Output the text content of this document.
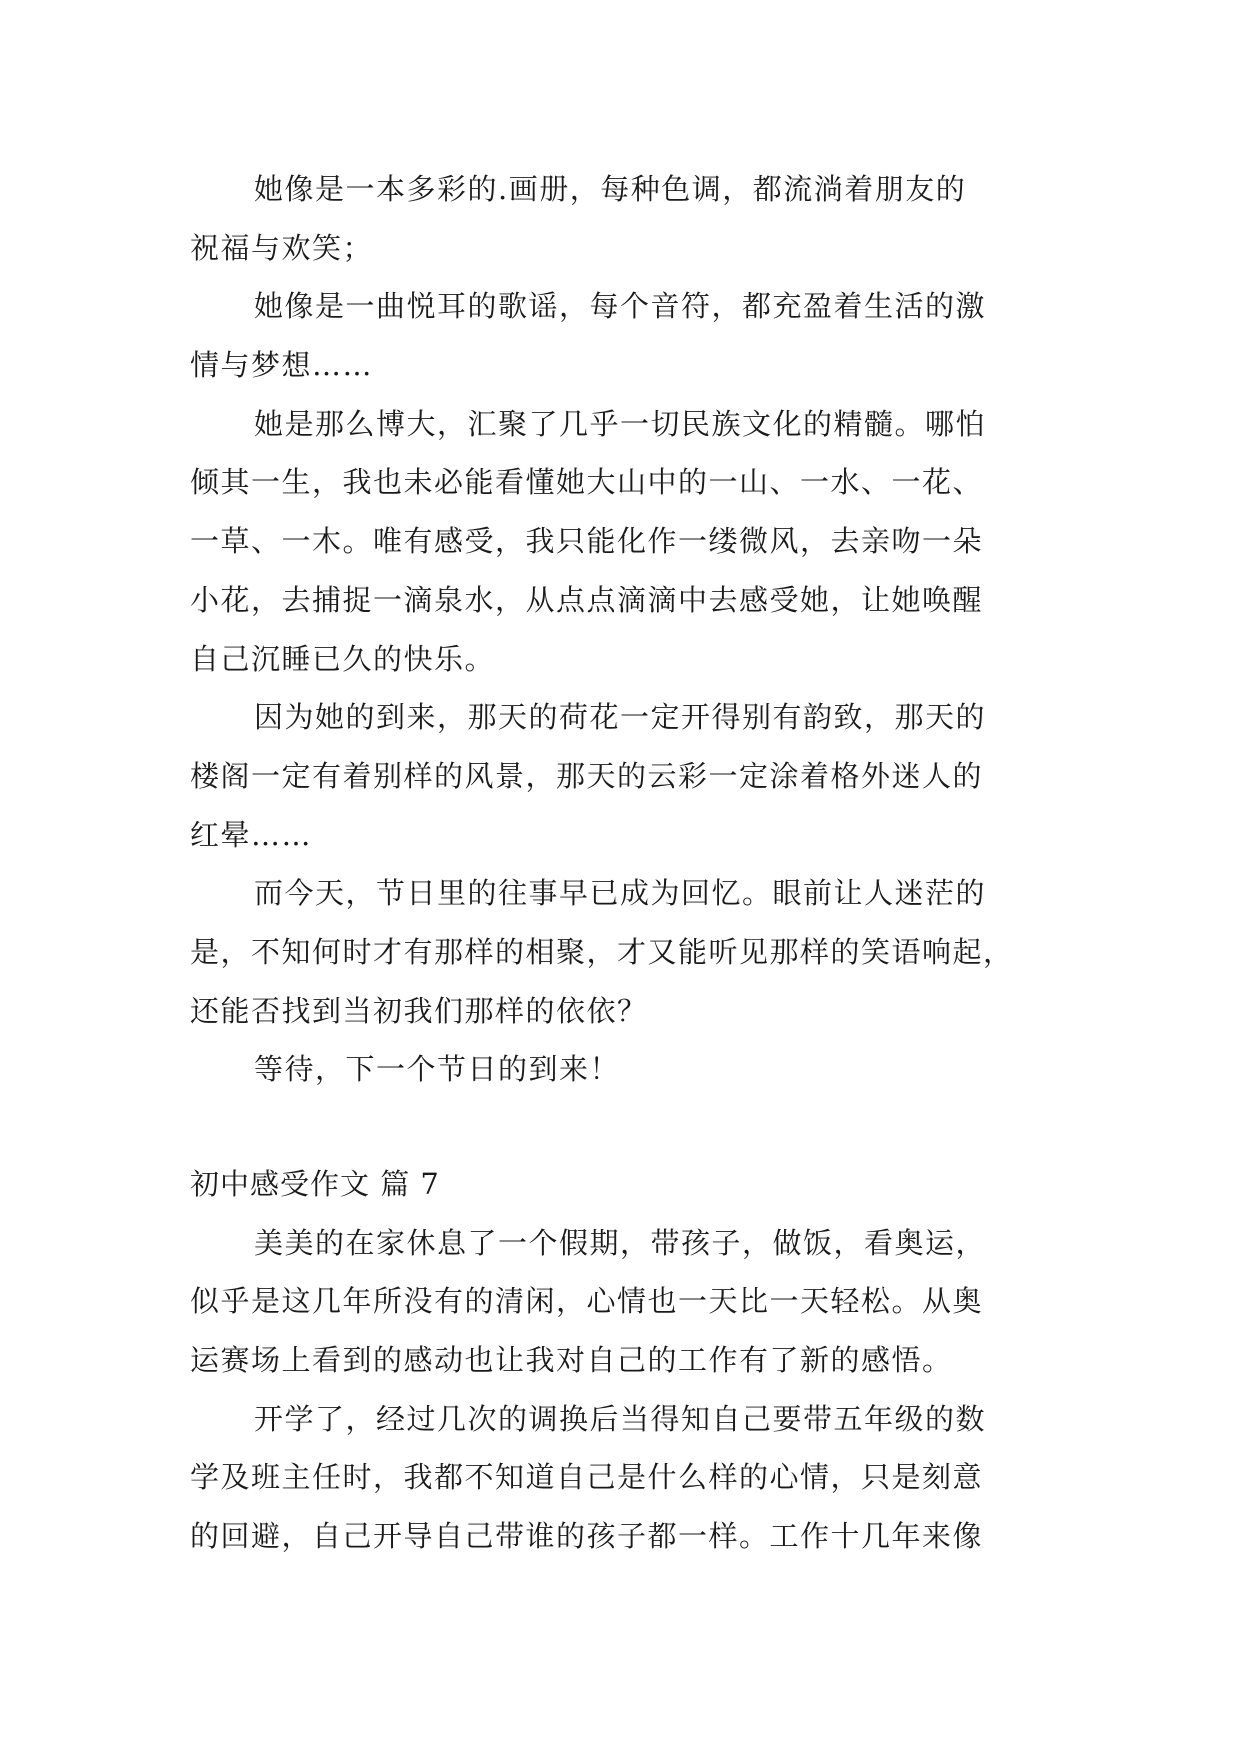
她像是一本多彩的.画册，每种色调，都流淌着朋友的
祝福与欢笑；
她像是一曲悦耳的歌谣，每个音符，都充盈着生活的激
情与梦想……
她是那么博大，汇聚了几乎一切民族文化的精髓。哪怕
倾其一生，我也未必能看懂她大山中的一山、一水、一花、
一草、一木。唯有感受，我只能化作一缕微风，去亲吻一朵
小花，去捕捉一滴泉水，从点点滴滴中去感受她，让她唤醒
自己沉睡已久的快乐。
因为她的到来，那天的荷花一定开得别有韵致，那天的
楼阁一定有着别样的风景，那天的云彩一定涂着格外迷人的
红晕……
而今天，节日里的往事早已成为回忆。眼前让人迷茫的
是，不知何时才有那样的相聚，才又能听见那样的笑语响起，
还能否找到当初我们那样的依依？
等待，下一个节日的到来！
初中感受作文 篇 7
美美的在家休息了一个假期，带孩子，做饭，看奥运，
似乎是这几年所没有的清闲，心情也一天比一天轻松。从奥
运赛场上看到的感动也让我对自己的工作有了新的感悟。
开学了，经过几次的调换后当得知自己要带五年级的数
学及班主任时，我都不知道自己是什么样的心情，只是刻意
的回避，自己开导自己带谁的孩子都一样。工作十几年来像
